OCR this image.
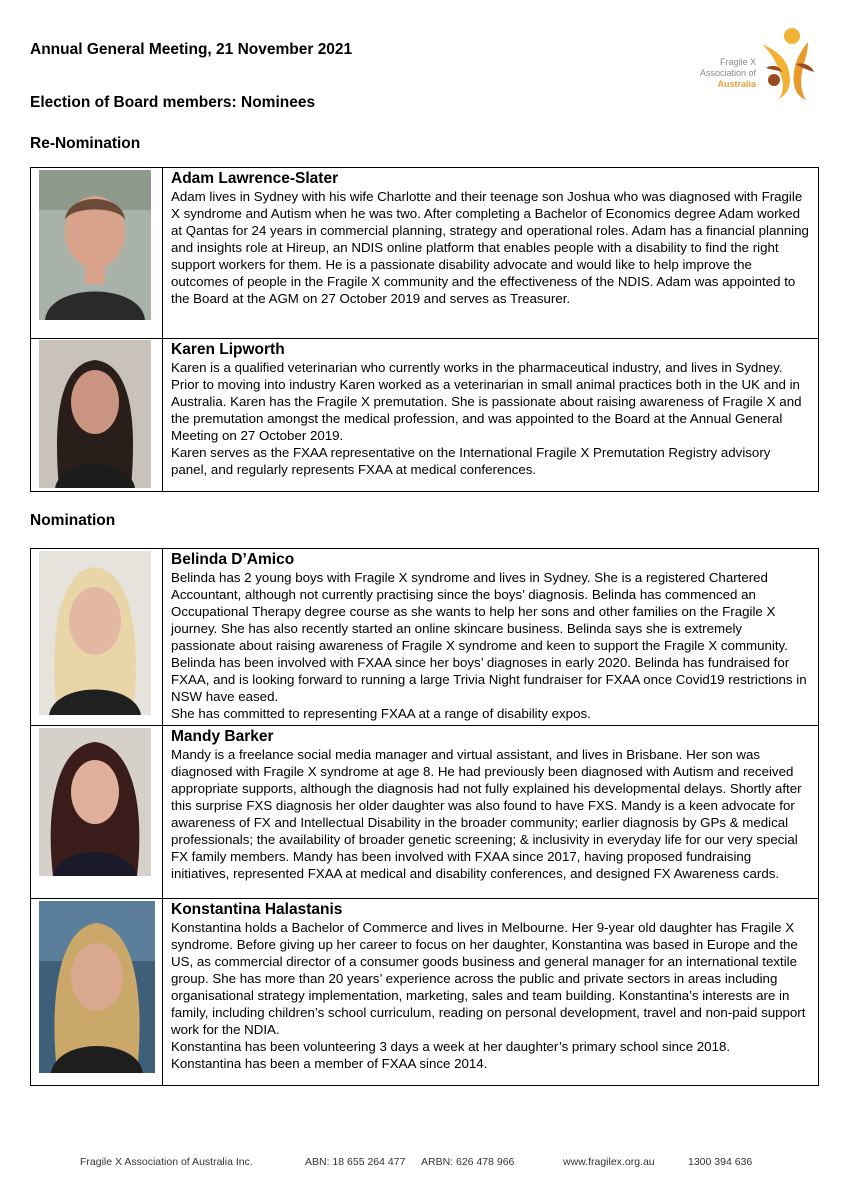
Annual General Meeting, 21 November 2021
Election of Board members: Nominees
Fragile X
Association of
Australia
Re-Nomination

Adam Lawrence-Slater

Adam lives in Sydney with his wife Charlotte and their teenage son Joshua who was diagnosed with Fragile X syndrome and Autism when he was two. After completing a Bachelor of Economics degree Adam worked at Qantas for 24 years in commercial planning, strategy and operational roles. Adam has a financial planning and insights role at Hireup, an NDIS online platform that enables people with a disability to find the right support workers for them. He is a passionate disability advocate and would like to help improve the outcomes of people in the Fragile X community and the effectiveness of the NDIS. Adam was appointed to the Board at the AGM on 27 October 2019 and serves as Treasurer.

Karen Lipworth

Karen is a qualified veterinarian who currently works in the pharmaceutical industry, and lives in Sydney. Prior to moving into industry Karen worked as a veterinarian in small animal practices both in the UK and in Australia. Karen has the Fragile X premutation. She is passionate about raising awareness of Fragile X and the premutation amongst the medical profession, and was appointed to the Board at the Annual General Meeting on 27 October 2019.

Karen serves as the FXAA representative on the International Fragile X Premutation Registry advisory panel, and regularly represents FXAA at medical conferences.

Nomination

Belinda D’Amico

Belinda has 2 young boys with Fragile X syndrome and lives in Sydney. She is a registered Chartered Accountant, although not currently practising since the boys’ diagnosis. Belinda has commenced an Occupational Therapy degree course as she wants to help her sons and other families on the Fragile X journey. She has also recently started an online skincare business. Belinda says she is extremely passionate about raising awareness of Fragile X syndrome and keen to support the Fragile X community. Belinda has been involved with FXAA since her boys’ diagnoses in early 2020. Belinda has fundraised for FXAA, and is looking forward to running a large Trivia Night fundraiser for FXAA once Covid19 restrictions in NSW have eased.

She has committed to representing FXAA at a range of disability expos.

Mandy Barker

Mandy is a freelance social media manager and virtual assistant, and lives in Brisbane. Her son was diagnosed with Fragile X syndrome at age 8. He had previously been diagnosed with Autism and received appropriate supports, although the diagnosis had not fully explained his developmental delays. Shortly after this surprise FXS diagnosis her older daughter was also found to have FXS. Mandy is a keen advocate for awareness of FX and Intellectual Disability in the broader community; earlier diagnosis by GPs & medical professionals; the availability of broader genetic screening; & inclusivity in everyday life for our very special FX family members. Mandy has been involved with FXAA since 2017, having proposed fundraising initiatives, represented FXAA at medical and disability conferences, and designed FX Awareness cards.

Konstantina Halastanis

Konstantina holds a Bachelor of Commerce and lives in Melbourne. Her 9-year old daughter has Fragile X syndrome. Before giving up her career to focus on her daughter, Konstantina was based in Europe and the US, as commercial director of a consumer goods business and general manager for an international textile group. She has more than 20 years’ experience across the public and private sectors in areas including organisational strategy implementation, marketing, sales and team building. Konstantina’s interests are in family, including children’s school curriculum, reading on personal development, travel and non-paid support work for the NDIA.

Konstantina has been volunteering 3 days a week at her daughter’s primary school since 2018.

Konstantina has been a member of FXAA since 2014.

Fragile X Association of Australia Inc.	ABN: 18 655 264 477 ARBN: 626 478 966	www.fragilex.org.au	1300 394 636
